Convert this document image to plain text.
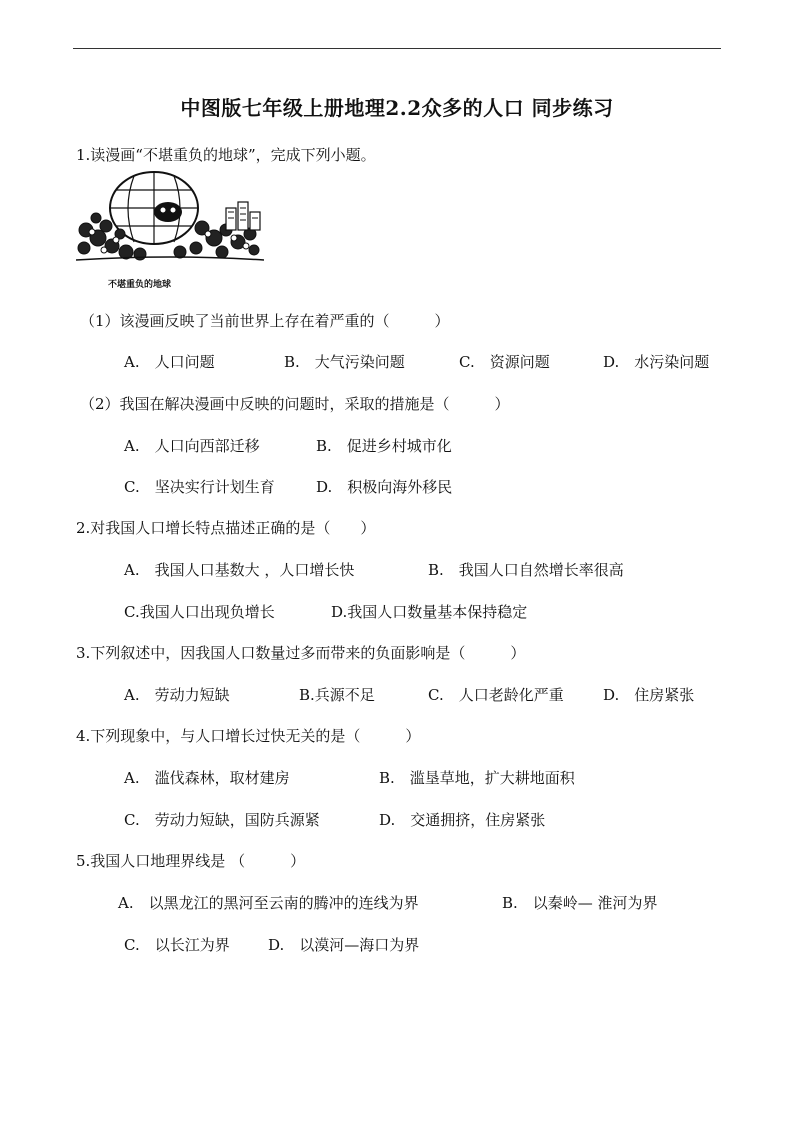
中图版七年级上册地理2.2众多的人口 同步练习
1.读漫画“不堪重负的地球”，完成下列小题。
不堪重负的地球
（1）该漫画反映了当前世界上存在着严重的（　　　）
A.　人口问题	B.　大气污染问题	C.　资源问题	D.　水污染问题
（2）我国在解决漫画中反映的问题时，采取的措施是（　　　）
A.　人口向西部迁移	B.　促进乡村城市化
C.　坚决实行计划生育	D.　积极向海外移民
2.对我国人口增长特点描述正确的是（　　）
A.　我国人口基数大 ，人口增长快	B.　我国人口自然增长率很高
C.我国人口出现负增长	D.我国人口数量基本保持稳定
3.下列叙述中，因我国人口数量过多而带来的负面影响是（　　　）
A.　劳动力短缺	B.兵源不足	C.　人口老龄化严重	D.　住房紧张
4.下列现象中，与人口增长过快无关的是（　　　）
A.　滥伐森林，取材建房	B.　滥垦草地，扩大耕地面积
C.　劳动力短缺，国防兵源紧	D.　交通拥挤，住房紧张
5.我国人口地理界线是 （　　　）
A.　以黑龙江的黑河至云南的腾冲的连线为界	B.　以秦岭— 淮河为界
C.　以长江为界	D.　以漠河—海口为界
